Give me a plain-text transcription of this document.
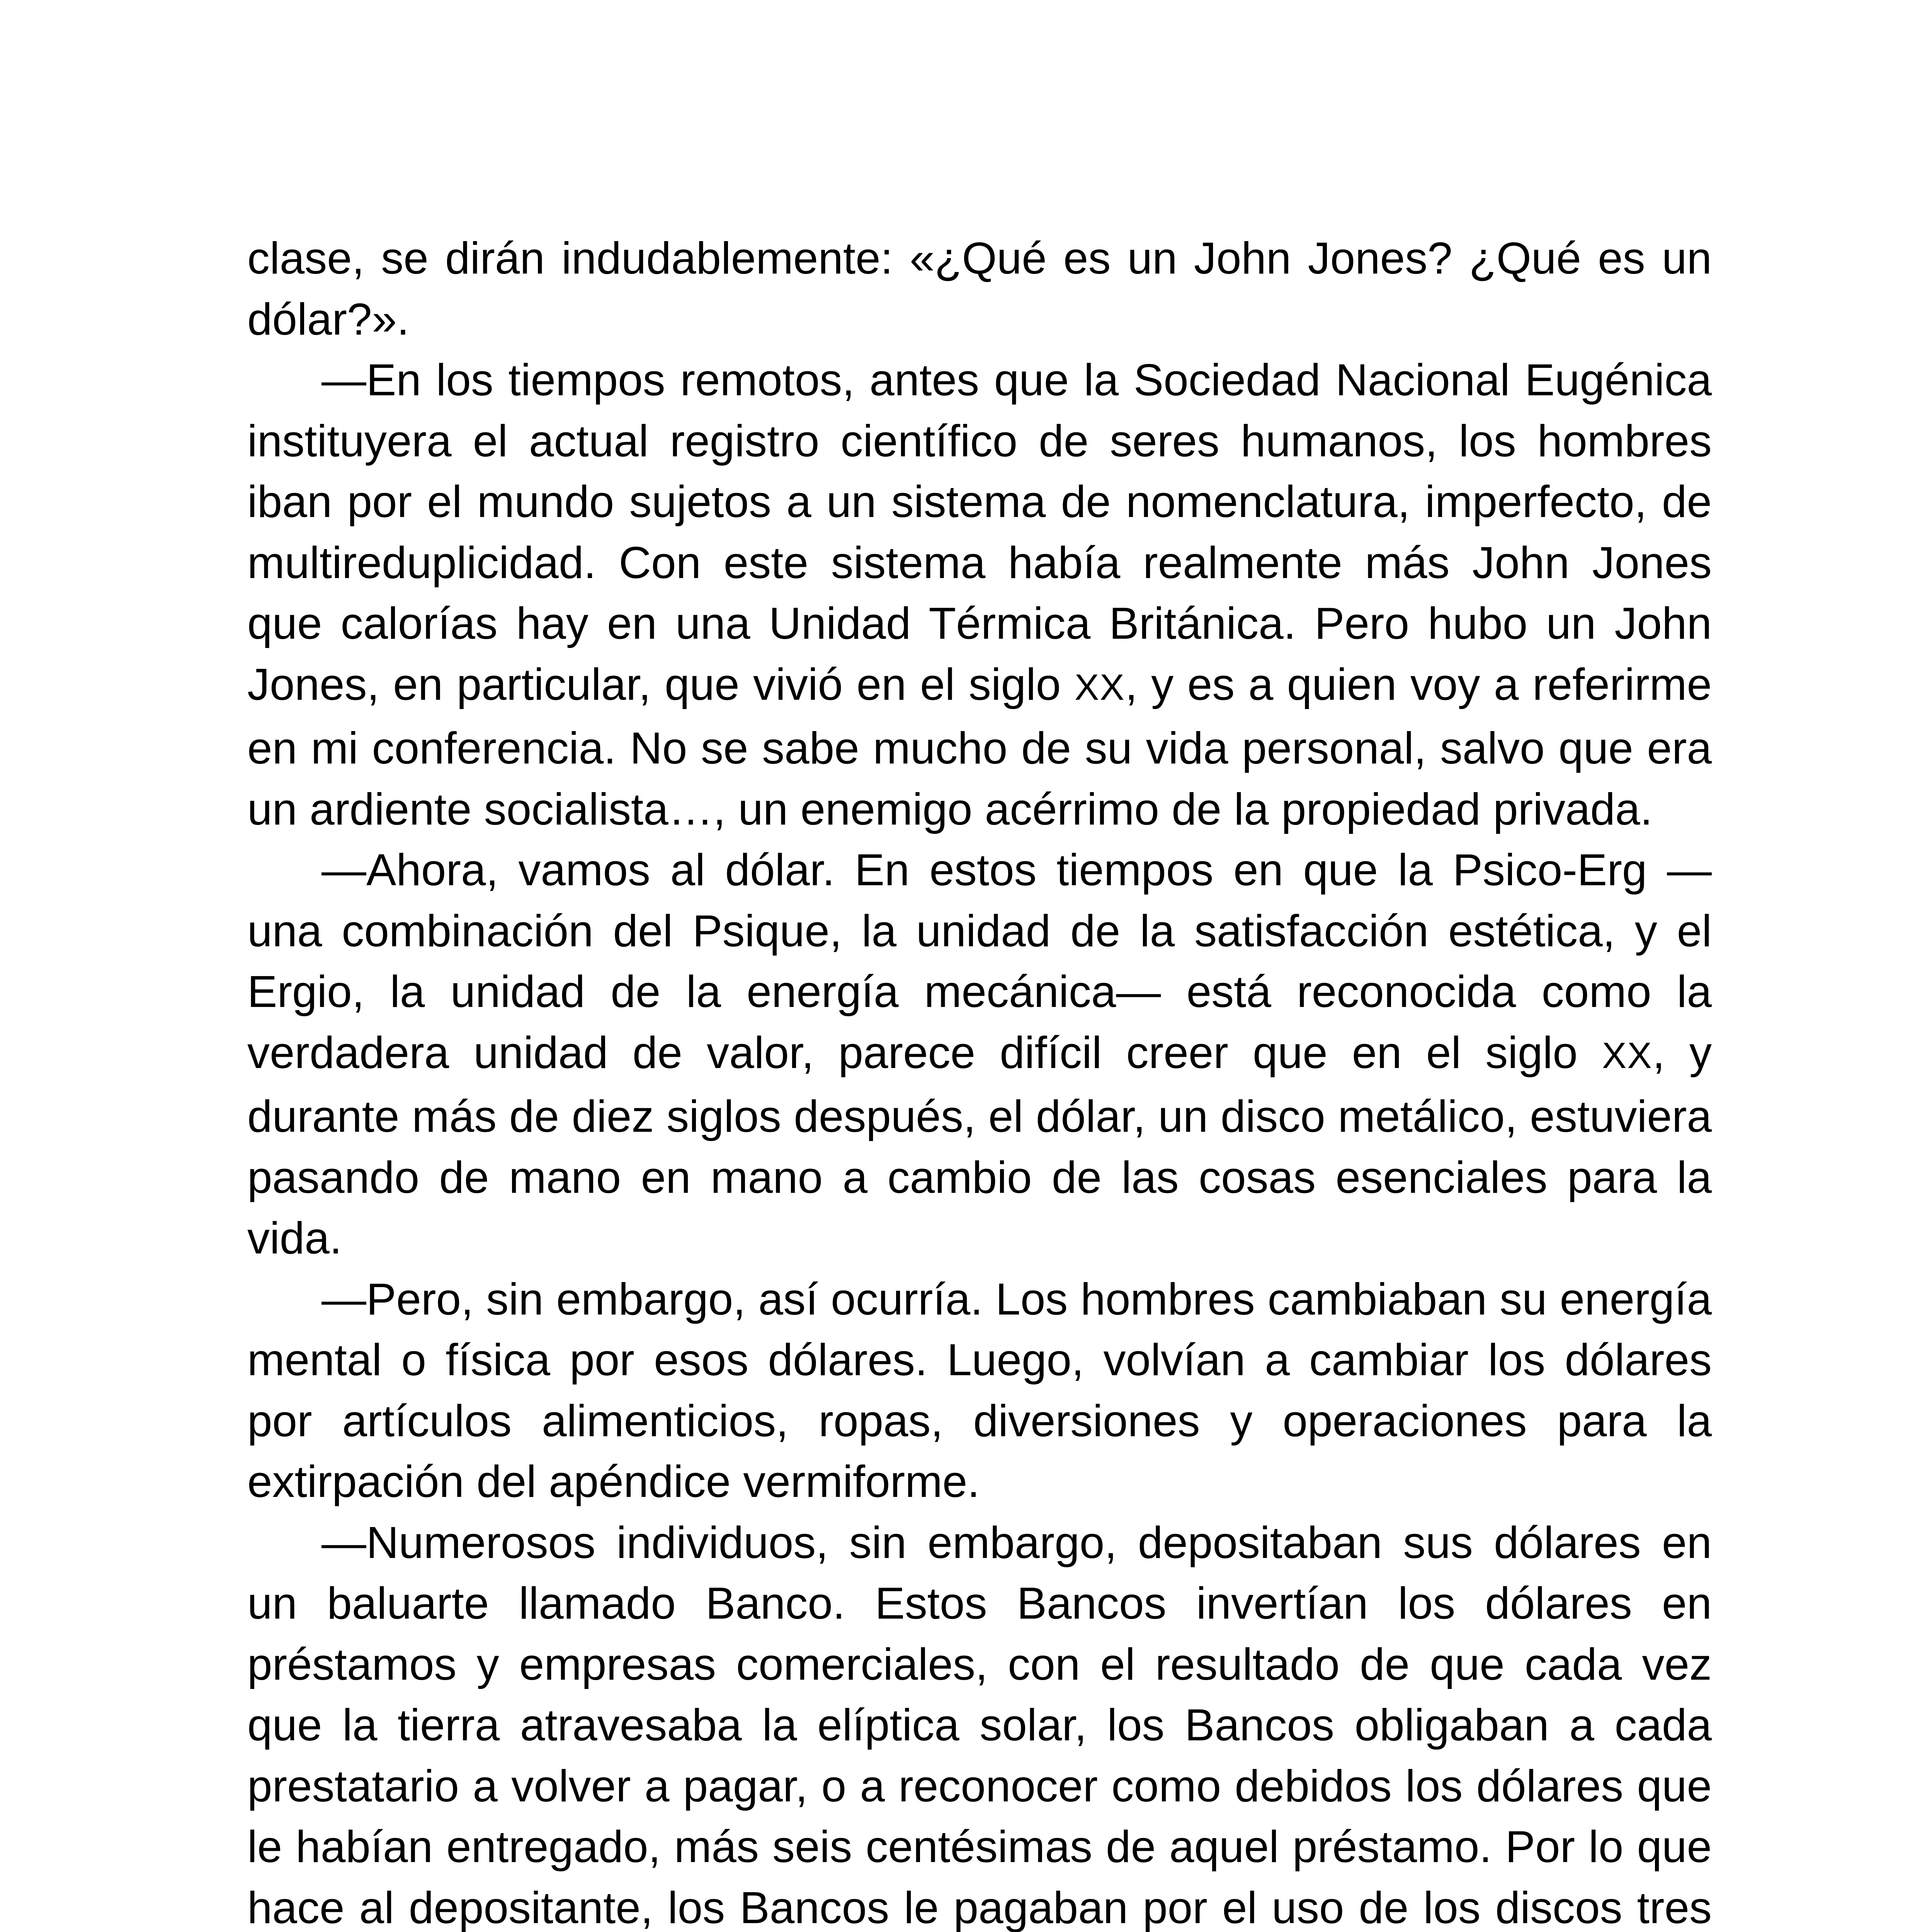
clase, se dirán indudablemente: «¿Qué es un John Jones? ¿Qué es un dólar?».

—En los tiempos remotos, antes que la Sociedad Nacional Eugénica instituyera el actual registro científico de seres humanos, los hombres iban por el mundo sujetos a un sistema de nomenclatura, imperfecto, de multireduplicidad. Con este sistema había realmente más John Jones que calorías hay en una Unidad Térmica Británica. Pero hubo un John Jones, en particular, que vivió en el siglo XX, y es a quien voy a referirme en mi conferencia. No se sabe mucho de su vida personal, salvo que era un ardiente socialista…, un enemigo acérrimo de la propiedad privada.

—Ahora, vamos al dólar. En estos tiempos en que la Psico-Erg — una combinación del Psique, la unidad de la satisfacción estética, y el Ergio, la unidad de la energía mecánica— está reconocida como la verdadera unidad de valor, parece difícil creer que en el siglo XX, y durante más de diez siglos después, el dólar, un disco metálico, estuviera pasando de mano en mano a cambio de las cosas esenciales para la vida.

—Pero, sin embargo, así ocurría. Los hombres cambiaban su energía mental o física por esos dólares. Luego, volvían a cambiar los dólares por artículos alimenticios, ropas, diversiones y operaciones para la extirpación del apéndice vermiforme.

—Numerosos individuos, sin embargo, depositaban sus dólares en un baluarte llamado Banco. Estos Bancos invertían los dólares en préstamos y empresas comerciales, con el resultado de que cada vez que la tierra atravesaba la elíptica solar, los Bancos obligaban a cada prestatario a volver a pagar, o a reconocer como debidos los dólares que le habían entregado, más seis centésimas de aquel préstamo. Por lo que hace al depositante, los Bancos le pagaban por el uso de los discos tres
